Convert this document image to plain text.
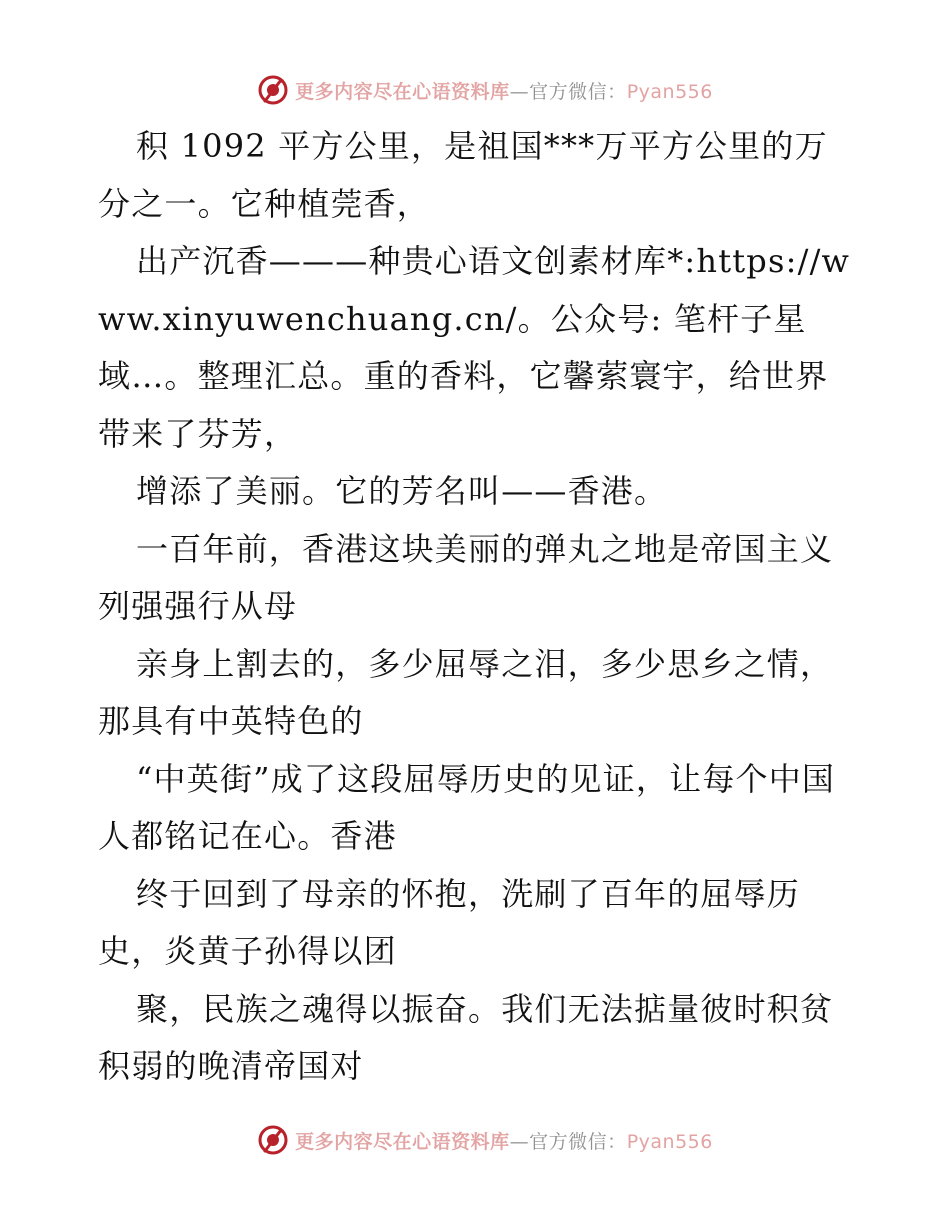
更多内容尽在心语资料库—官方微信：Pyan556

积 1092 平方公里，是祖国***万平方公里的万分之一。它种植莞香，

出产沉香———种贵心语文创素材库*:https://www.xinyuwenchuang.cn/。公众号: 笔杆子星域…。整理汇总。重的香料，它馨萦寰宇，给世界带来了芬芳，

增添了美丽。它的芳名叫——香港。

一百年前，香港这块美丽的弹丸之地是帝国主义列强强行从母

亲身上割去的，多少屈辱之泪，多少思乡之情，那具有中英特色的

“中英街”成了这段屈辱历史的见证，让每个中国人都铭记在心。香港

终于回到了母亲的怀抱，洗刷了百年的屈辱历史，炎黄子孙得以团

聚，民族之魂得以振奋。我们无法掂量彼时积贫积弱的晚清帝国对

更多内容尽在心语资料库—官方微信：Pyan556
